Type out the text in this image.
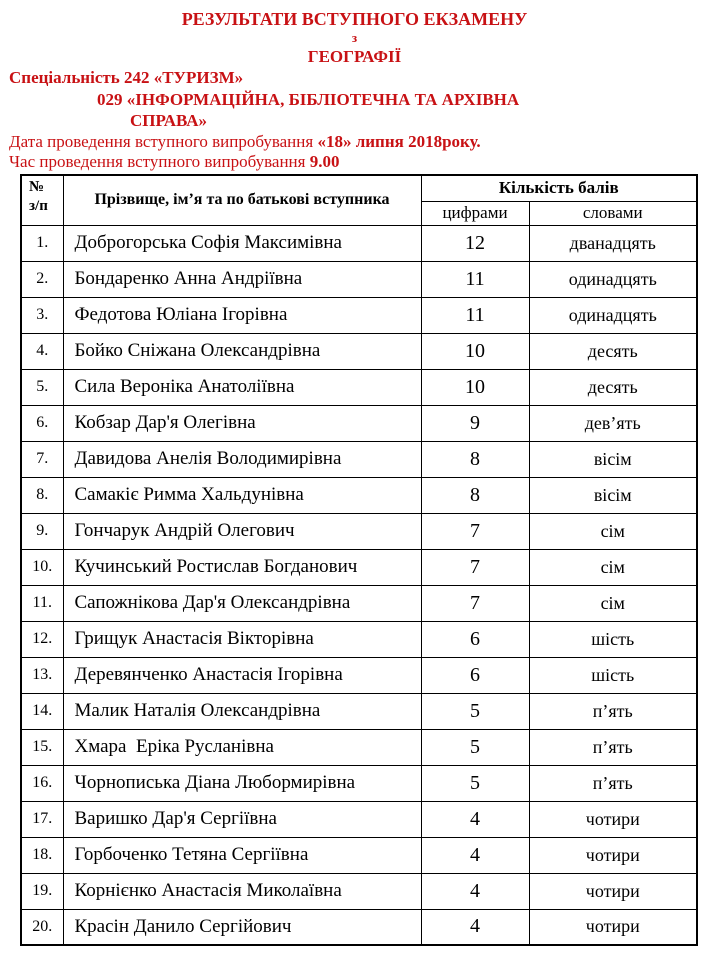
РЕЗУЛЬТАТИ ВСТУПНОГО ЕКЗАМЕНУ
з
ГЕОГРАФІЇ
Спеціальність 242 «ТУРИЗМ»
029 «ІНФОРМАЦІЙНА, БІБЛІОТЕЧНА ТА АРХІВНА
СПРАВА»
Дата проведення вступного випробування «18» липня 2018року.
Час проведення вступного випробування 9.00
№
з/п	Прізвище, ім’я та по батькові вступника	Кількість балів	
		цифрами	словами
1.	Доброгорська Софія Максимівна	12	дванадцять
2.	Бондаренко Анна Андріївна	11	одинадцять
3.	Федотова Юліана Ігорівна	11	одинадцять
4.	Бойко Сніжана Олександрівна	10	десять
5.	Сила Вероніка Анатоліївна	10	десять
6.	Кобзар Дар'я Олегівна	9	дев’ять
7.	Давидова Анелія Володимирівна	8	вісім
8.	Самакіє Римма Хальдунівна	8	вісім
9.	Гончарук Андрій Олегович	7	сім
10.	Кучинський Ростислав Богданович	7	сім
11.	Сапожнікова Дар'я Олександрівна	7	сім
12.	Грищук Анастасія Вікторівна	6	шість
13.	Деревянченко Анастасія Ігорівна	6	шість
14.	Малик Наталія Олександрівна	5	п’ять
15.	Хмара  Еріка Русланівна	5	п’ять
16.	Чорнописька Діана Любормирівна	5	п’ять
17.	Варишко Дар'я Сергіївна	4	чотири
18.	Горбоченко Тетяна Сергіївна	4	чотири
19.	Корнієнко Анастасія Миколаївна	4	чотири
20.	Красін Данило Сергійович	4	чотири
